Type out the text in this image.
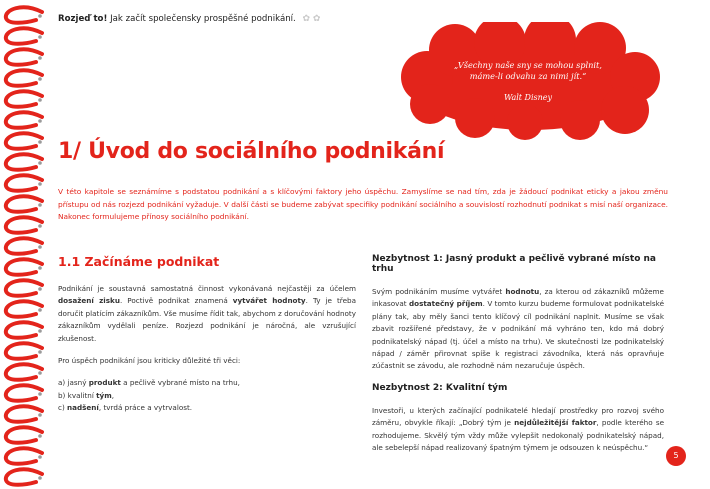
Rozjeď to! Jak začít společensky prospěšné podnikání. ✿ ✿
„Všechny naše sny se mohou splnit,
máme-li odvahu za nimi jít.“
Walt Disney
1/ Úvod do sociálního podnikání

V této kapitole se seznámíme s podstatou podnikání a s klíčovými faktory jeho úspěchu. Zamyslíme se nad tím, zda je žádoucí podnikat eticky a jakou změnu přístupu od nás rozjezd podnikání vyžaduje. V další části se budeme zabývat specifiky podnikání sociálního a souvislostí rozhodnutí podnikat s misí naší organizace. Nakonec formulujeme přínosy sociálního podnikání.

1.1 Začínáme podnikat

Podnikání je soustavná samostatná činnost vykonávaná nejčastěji za účelem dosažení zisku. Poctivě podnikat znamená vytvářet hodnoty. Ty je třeba doručit platícím zákazníkům. Vše musíme řídit tak, abychom z doručování hodnoty zákazníkům vydělali peníze. Rozjezd podnikání je náročná, ale vzrušující zkušenost.

Pro úspěch podnikání jsou kriticky důležité tři věci:

a) jasný produkt a pečlivě vybrané místo na trhu,
b) kvalitní tým,
c) nadšení, tvrdá práce a vytrvalost.
Nezbytnost 1: Jasný produkt a pečlivě vybrané místo na trhu

Svým podnikáním musíme vytvářet hodnotu, za kterou od zákazníků můžeme inkasovat dostatečný příjem. V tomto kurzu budeme formulovat podnikatelské plány tak, aby měly šanci tento klíčový cíl podnikání naplnit. Musíme se však zbavit rozšířené představy, že v podnikání má vyhráno ten, kdo má dobrý podnikatelský nápad (tj. účel a místo na trhu). Ve skutečnosti lze podnikatelský nápad / záměr přirovnat spíše k registraci závodníka, která nás opravňuje zúčastnit se závodu, ale rozhodně nám nezaručuje úspěch.

Nezbytnost 2: Kvalitní tým

Investoři, u kterých začínající podnikatelé hledají prostředky pro rozvoj svého záměru, obvykle říkají: „Dobrý tým je nejdůležitější faktor, podle kterého se rozhodujeme. Skvělý tým vždy může vylepšit nedokonalý podnikatelský nápad, ale sebelepší nápad realizovaný špatným týmem je odsouzen k neúspěchu.“

5
